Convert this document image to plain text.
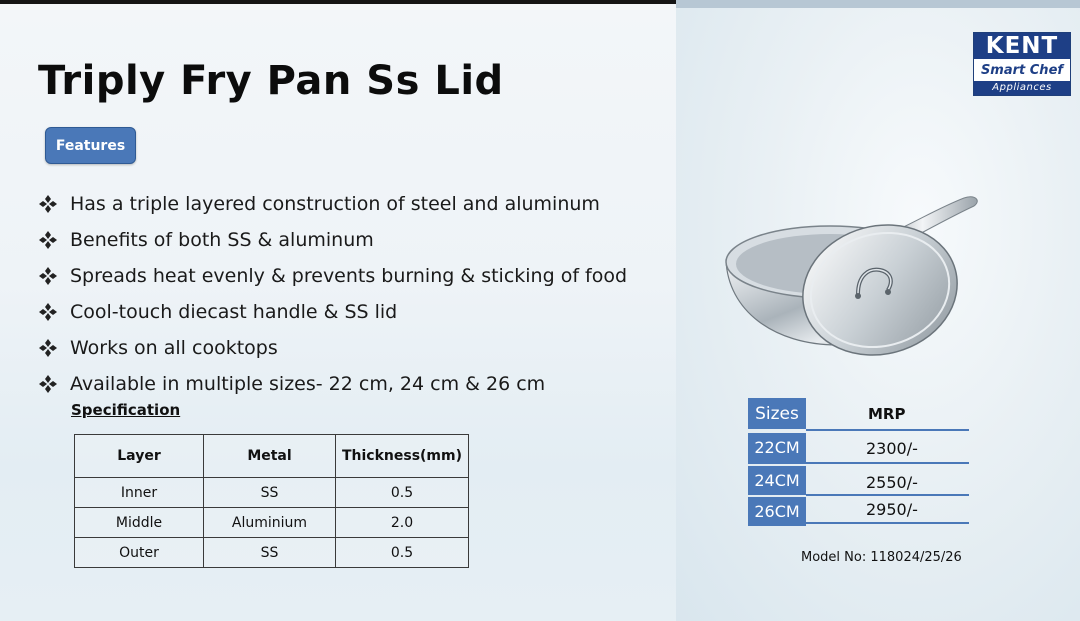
Triply Fry Pan Ss Lid
Features
Has a triple layered construction of steel and aluminum
Benefits of both SS & aluminum
Spreads heat evenly & prevents burning & sticking of food
Cool-touch diecast handle & SS lid
Works on all cooktops
Available in multiple sizes- 22 cm, 24 cm & 26 cm
Specification
Layer	Metal	Thickness(mm)
Inner	SS	0.5
Middle	Aluminium	2.0
Outer	SS	0.5
KENT
Smart Chef
Appliances
Sizes	MRP
22CM	2300/-
24CM	2550/-
26CM	2950/-
Model No: 118024/25/26
